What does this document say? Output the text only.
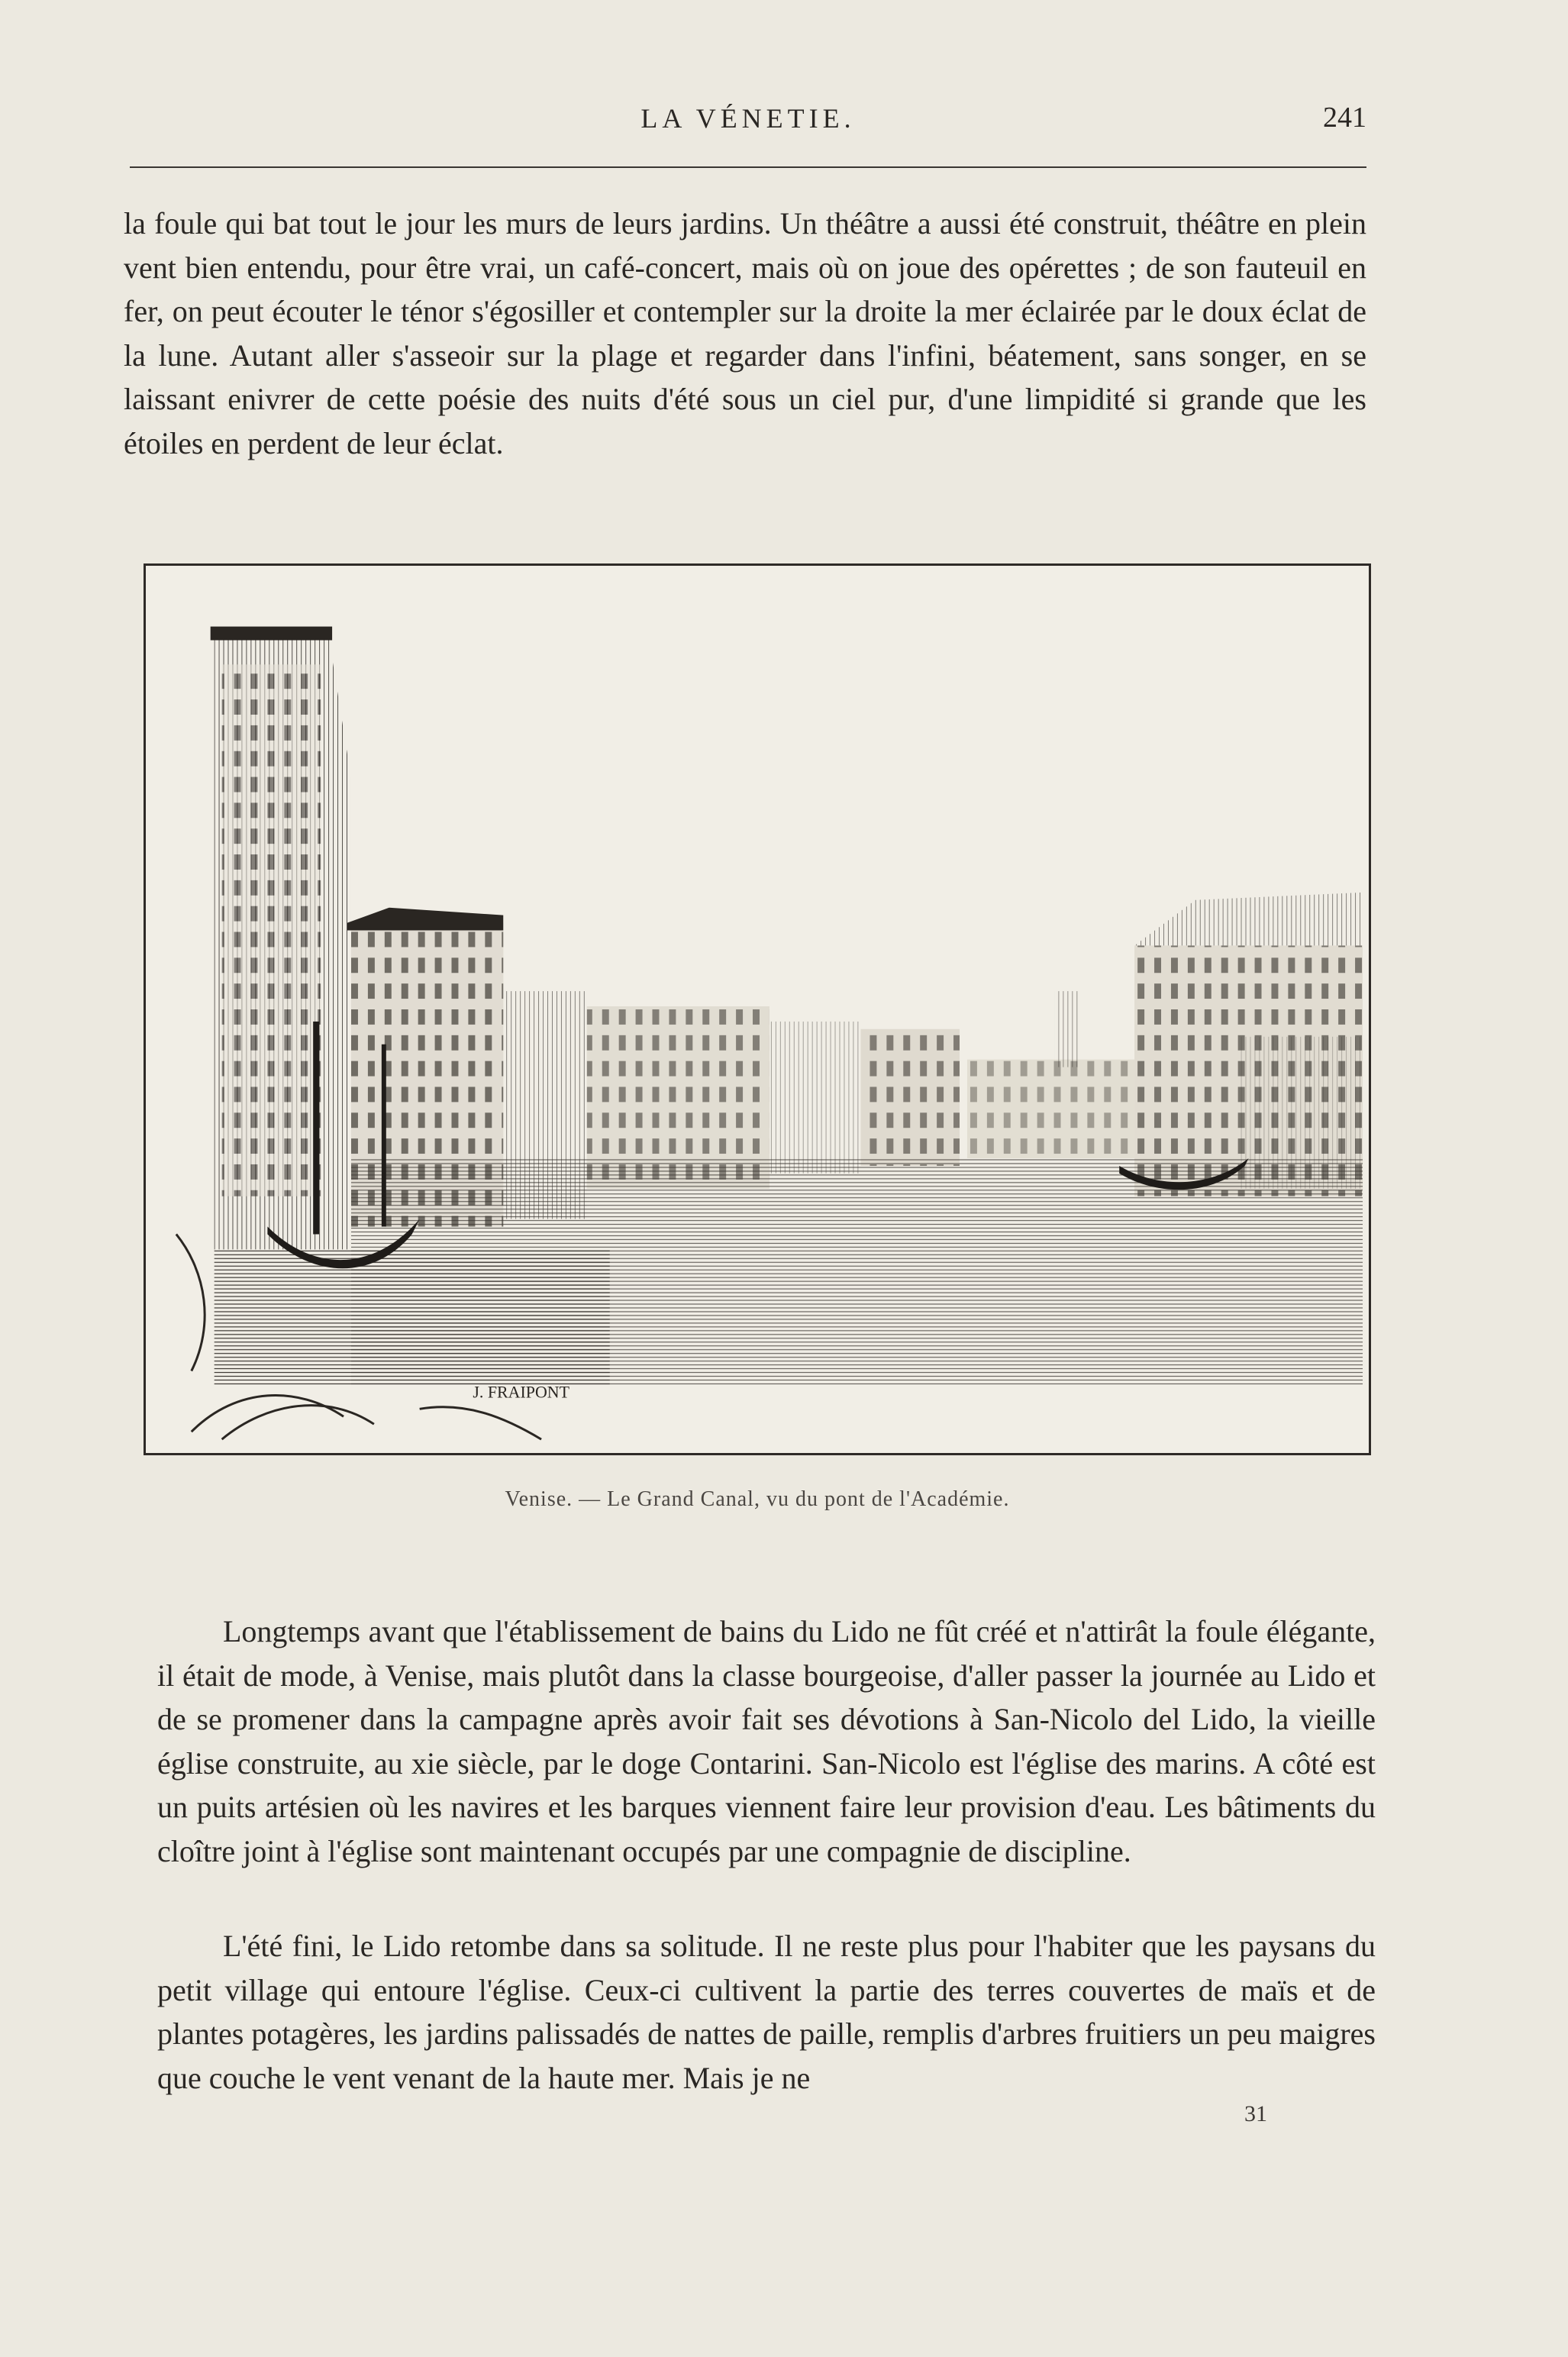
LA VÉNETIE.	241

la foule qui bat tout le jour les murs de leurs jardins. Un théâtre a aussi été construit, théâtre en plein vent bien entendu, pour être vrai, un café-concert, mais où on joue des opérettes ; de son fauteuil en fer, on peut écouter le ténor s'égosiller et contempler sur la droite la mer éclairée par le doux éclat de la lune. Autant aller s'asseoir sur la plage et regarder dans l'infini, béatement, sans songer, en se laissant enivrer de cette poésie des nuits d'été sous un ciel pur, d'une limpidité si grande que les étoiles en perdent de leur éclat.

J. FRAIPONT
Venise. — Le Grand Canal, vu du pont de l'Académie.

Longtemps avant que l'établissement de bains du Lido ne fût créé et n'attirât la foule élégante, il était de mode, à Venise, mais plutôt dans la classe bourgeoise, d'aller passer la journée au Lido et de se promener dans la campagne après avoir fait ses dévotions à San-Nicolo del Lido, la vieille église construite, au xie siècle, par le doge Contarini. San-Nicolo est l'église des marins. A côté est un puits artésien où les navires et les barques viennent faire leur provision d'eau. Les bâtiments du cloître joint à l'église sont maintenant occupés par une compagnie de discipline.

L'été fini, le Lido retombe dans sa solitude. Il ne reste plus pour l'habiter que les paysans du petit village qui entoure l'église. Ceux-ci cultivent la partie des terres couvertes de maïs et de plantes potagères, les jardins palissadés de nattes de paille, remplis d'arbres fruitiers un peu maigres que couche le vent venant de la haute mer. Mais je ne

31
